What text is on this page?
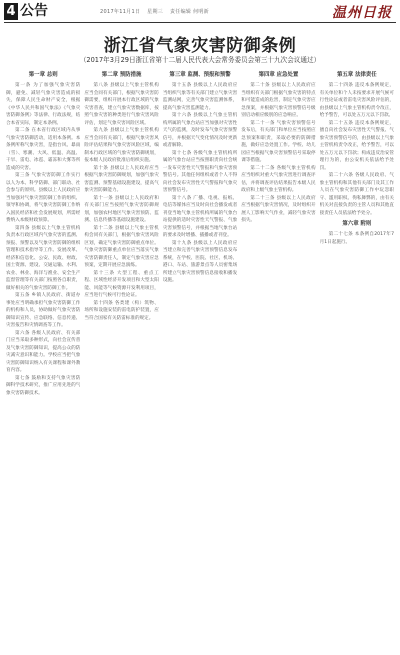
4 公告	2017年11月1日 星期三 责任编辑 何明新	温州日报
浙江省气象灾害防御条例
（2017年3月29日浙江省第十二届人民代表大会常务委员会第三十九次会议通过）
第一章 总则

第一条 为了加强气象灾害防御，避免、减轻气象灾害造成的损失，保障人民生命财产安全，根据《中华人民共和国气象法》《气象灾害防御条例》等法律、行政法规，结合本省实际，制定本条例。

第二条 在本省行政区域内从事气象灾害防御活动，适用本条例。本条例所称气象灾害，是指台风、暴雨（雪）、寒潮、大风、低温、高温、干旱、雷电、冰雹、霜冻和大雾等所造成的灾害。

第三条 气象灾害防御工作实行以人为本、科学防御、部门联动、社会参与的原则。县级以上人民政府应当加强对气象灾害防御工作的组织、领导和协调，将气象灾害防御工作纳入国民经济和社会发展规划，所需经费纳入本级财政预算。

第四条 县级以上气象主管机构负责本行政区域内气象灾害的监测、预报、预警以及气象灾害防御的组织管理和技术指导等工作。发展改革、经济和信息化、公安、民政、财政、国土资源、建设、交通运输、水利、农业、林业、海洋与渔业、安全生产监督管理等有关部门按照各自职责，做好相关的气象灾害防御工作。

第五条 乡镇人民政府、街道办事处应当明确承担气象灾害防御工作的机构和人员，协助做好气象灾害防御知识宣传、应急联络、信息传递、灾害报告和灾情调查等工作。

第六条 各级人民政府、有关部门应当采取多种形式，向社会宣传普及气象灾害防御知识，提高公众的防灾减灾意识和能力。学校应当把气象灾害防御知识纳入有关课程和课外教育内容。

第七条 鼓励和支持气象灾害防御科学技术研究，推广应用先进的气象灾害防御技术。

第二章 预防措施

第八条 县级以上气象主管机构应当会同有关部门，根据气象灾害防御需要，组织开展本行政区域的气象灾害普查，建立气象灾害数据库，按照气象灾害的种类进行气象灾害风险评估，划定气象灾害风险区域。

第九条 县级以上气象主管机构应当会同有关部门，根据气象灾害风险评估结果和气象灾害风险区域，编制本行政区域的气象灾害防御规划，报本级人民政府批准后组织实施。

第十条 县级以上人民政府应当根据气象灾害防御规划，加强气象灾害监测、预警基础设施建设，提高气象灾害防御能力。

第十一条 县级以上人民政府和有关部门应当按照气象灾害防御规划，加强农村地区气象灾害预防、监测、信息传播等基础设施建设。

第十二条 县级以上气象主管机构会同有关部门，根据气象灾害风险区划，确定气象灾害防御重点单位。气象灾害防御重点单位应当落实气象灾害防御责任人，制定气象灾害应急预案，定期开展应急演练。

第十三条 大型工程、重点工程、区域性经济开发项目和大型太阳能、风能等气候资源开发利用项目，应当进行气候可行性论证。

第十四条 各类建（构）筑物、场所和设施安装的雷电防护装置，应当符合国家有关防雷标准的规定。

第三章 监测、预报和预警

第十五条 县级以上人民政府应当组织气象等有关部门建立气象灾害监测站网，完善气象灾害监测体系，提高气象灾害监测能力。

第十六条 县级以上气象主管机构所属的气象台站应当加强对灾害性天气的监测，及时发布气象灾害预警信号，并根据天气变化情况及时更新或者解除。

第十七条 各级气象主管机构所属的气象台站应当按照职责向社会统一发布灾害性天气警报和气象灾害预警信号。其他任何组织或者个人不得向社会发布灾害性天气警报和气象灾害预警信号。

第十八条 广播、电视、报纸、电信等媒体应当及时向社会播发或者刊登当地气象主管机构所属的气象台站提供的适时灾害性天气警报、气象灾害预警信号，并根据当地气象台站的要求及时增播、插播或者刊登。

第十九条 县级以上人民政府应当建立和完善气象灾害预警信息发布系统，在学校、医院、社区、机场、港口、车站、旅游景点等人员密集场所建立气象灾害预警信息接收和播发设施。

第四章 应急处置

第二十条 县级以上人民政府应当组织有关部门根据气象灾害的特点和可能造成的危害，制定气象灾害应急预案，并根据气象灾害预警信号级别启动相应级别的应急响应。

第二十一条 气象灾害预警信号发布后，有关部门和单位应当按照应急预案和职责，采取必要的防御措施，做好应急处置工作。学校、幼儿园应当根据气象灾害预警信号采取停课等措施。

第二十二条 各级气象主管机构应当组织对重大气象灾害进行调查评估，并将调查评估结果报告本级人民政府和上级气象主管机构。

第二十三条 县级以上人民政府应当根据气象灾害情况，及时组织开展人工影响天气作业，减轻气象灾害损失。

第五章 法律责任

第二十四条 违反本条例规定，有关单位和个人未按要求开展气候可行性论证或者雷电灾害风险评估的，由县级以上气象主管机构责令改正，给予警告，可以处五万元以下罚款。

第二十五条 违反本条例规定，擅自向社会发布灾害性天气警报、气象灾害预警信号的，由县级以上气象主管机构责令改正，给予警告，可以处五万元以下罚款；构成违反治安管理行为的，由公安机关依法给予处罚。

第二十六条 各级人民政府、气象主管机构和其他有关部门及其工作人员在气象灾害防御工作中玩忽职守、滥用职权、徇私舞弊的，由有关机关对直接负责的主管人员和其他直接责任人员依法给予处分。

第六章 附则

第二十七条 本条例自2017年7月1日起施行。
